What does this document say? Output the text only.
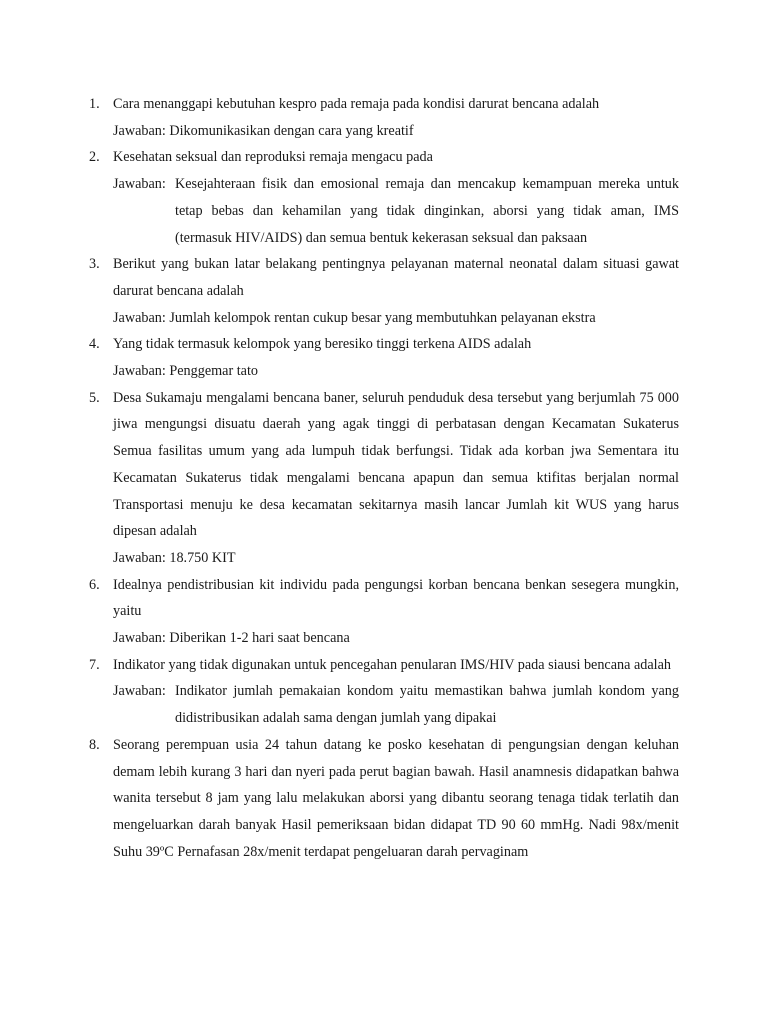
1. Cara menanggapi kebutuhan kespro pada remaja pada kondisi darurat bencana adalah
Jawaban: Dikomunikasikan dengan cara yang kreatif
2. Kesehatan seksual dan reproduksi remaja mengacu pada
Jawaban: Kesejahteraan fisik dan emosional remaja dan mencakup kemampuan mereka untuk tetap bebas dan kehamilan yang tidak dinginkan, aborsi yang tidak aman, IMS (termasuk HIV/AIDS) dan semua bentuk kekerasan seksual dan paksaan
3. Berikut yang bukan latar belakang pentingnya pelayanan maternal neonatal dalam situasi gawat darurat bencana adalah
Jawaban: Jumlah kelompok rentan cukup besar yang membutuhkan pelayanan ekstra
4. Yang tidak termasuk kelompok yang beresiko tinggi terkena AIDS adalah
Jawaban: Penggemar tato
5. Desa Sukamaju mengalami bencana baner, seluruh penduduk desa tersebut yang berjumlah 75 000 jiwa mengungsi disuatu daerah yang agak tinggi di perbatasan dengan Kecamatan Sukaterus Semua fasilitas umum yang ada lumpuh tidak berfungsi. Tidak ada korban jwa Sementara itu Kecamatan Sukaterus tidak mengalami bencana apapun dan semua ktifitas berjalan normal Transportasi menuju ke desa kecamatan sekitarnya masih lancar Jumlah kit WUS yang harus dipesan adalah
Jawaban: 18.750 KIT
6. Idealnya pendistribusian kit individu pada pengungsi korban bencana benkan sesegera mungkin, yaitu
Jawaban: Diberikan 1-2 hari saat bencana
7. Indikator yang tidak digunakan untuk pencegahan penularan IMS/HIV pada siausi bencana adalah
Jawaban: Indikator jumlah pemakaian kondom yaitu memastikan bahwa jumlah kondom yang didistribusikan adalah sama dengan jumlah yang dipakai
8. Seorang perempuan usia 24 tahun datang ke posko kesehatan di pengungsian dengan keluhan demam lebih kurang 3 hari dan nyeri pada perut bagian bawah. Hasil anamnesis didapatkan bahwa wanita tersebut 8 jam yang lalu melakukan aborsi yang dibantu seorang tenaga tidak terlatih dan mengeluarkan darah banyak Hasil pemeriksaan bidan didapat TD 90 60 mmHg. Nadi 98x/menit Suhu 39ºC Pernafasan 28x/menit terdapat pengeluaran darah pervaginam
